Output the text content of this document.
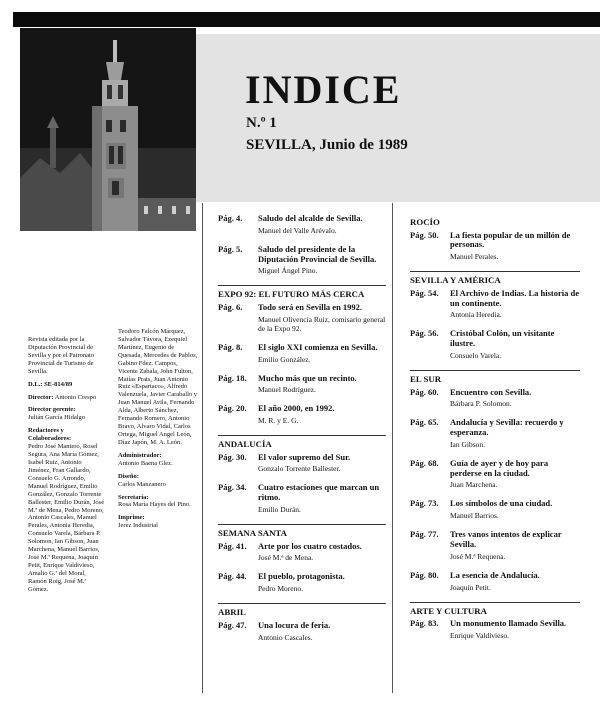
INDICE
N.º 1
SEVILLA, Junio de 1989

Revista editada por la Diputación Provincial de Sevilla y por el Patronato Provincial de Turismo de Sevilla.

D.L.: SE-814/89

Director: Antonio Crespo

Director gerente:
Julián García Hidalgo

Redactores y Colaboradores:
Pedro José Mantero, Rosel Segura, Ana María Gómez, Isabel Ruiz, Antonio Jiménez, Fran Gallardo, Consuelo G. Arrondo, Manuel Rodríguez, Emilio González, Gonzalo Torrente Ballester, Emilio Durán, José M.ª de Mena, Pedro Moreno, Antonio Cascales, Manuel Perales, Antonia Heredia, Consuelo Varela, Bárbara P. Solomon, Ian Gibson, Juan Marchena, Manuel Barrios, José M.ª Requena, Joaquín Petit, Enrique Valdivieso, Amalio G.ª del Moral, Ramón Roig, José M.ª Gómez.

Teodoro Falcón Márquez, Salvador Távora, Ezequiel Martínez, Eugenio de Quesada, Mercedes de Pablos, Gabino Fdez. Campos, Vicente Zabala, John Fulton, Matías Prats, Juan Antonio Ruiz «Espartaco», Alfredo Valenzuela, Javier Caraballo y Juan Manuel Avila, Fernando Alda, Alberto Sánchez, Fernando Romero, Antonio Bravo, Alvaro Vidal, Carlos Ortega, Miguel Angel León, Díaz Japón, M. A. León.

Administrador:
Antonio Baena Glez.

Diseño:
Carlos Manzanero

Secretaría:
Rosa María Hayes del Pino.

Imprime:
Jerez Industrial

Pág. 4. Saludo del alcalde de Sevilla.
Manuel del Valle Arévalo.
Pág. 5. Saludo del presidente de la Diputación Provincial de Sevilla.
Miguel Ángel Pino.
EXPO 92: EL FUTURO MÁS CERCA
Pág. 6. Todo será en Sevilla en 1992.
Manuel Olivencia Ruiz, comisario general de la Expo 92.
Pág. 8. El siglo XXI comienza en Sevilla.
Emilio González.
Pág. 18. Mucho más que un recinto.
Manuel Rodríguez.
Pág. 20. El año 2000, en 1992.
M. R. y E. G.
ANDALUCÍA
Pág. 30. El valor supremo del Sur.
Gonzalo Torrente Ballester.
Pág. 34. Cuatro estaciones que marcan un ritmo.
Emilio Durán.
SEMANA SANTA
Pág. 41. Arte por los cuatro costados.
José M.ª de Mena.
Pág. 44. El pueblo, protagonista.
Pedro Moreno.
ABRIL
Pág. 47. Una locura de feria.
Antonio Cascales.
ROCÍO
Pág. 50. La fiesta popular de un millón de personas.
Manuel Perales.
SEVILLA Y AMÉRICA
Pág. 54. El Archivo de Indias. La historia de un continente.
Antonia Heredia.
Pág. 56. Cristóbal Colón, un visitante ilustre.
Consuelo Varela.
EL SUR
Pág. 60. Encuentro con Sevilla.
Bárbara P. Solomon.
Pág. 65. Andalucía y Sevilla: recuerdo y esperanza.
Ian Gibson.
Pág. 68. Guía de ayer y de hoy para perderse en la ciudad.
Juan Marchena.
Pág. 73. Los símbolos de una ciudad.
Manuel Barrios.
Pág. 77. Tres vanos intentos de explicar Sevilla.
José M.ª Requena.
Pág. 80. La esencia de Andalucía.
Joaquín Petit.
ARTE Y CULTURA
Pág. 83. Un monumento llamado Sevilla.
Enrique Valdivieso.
